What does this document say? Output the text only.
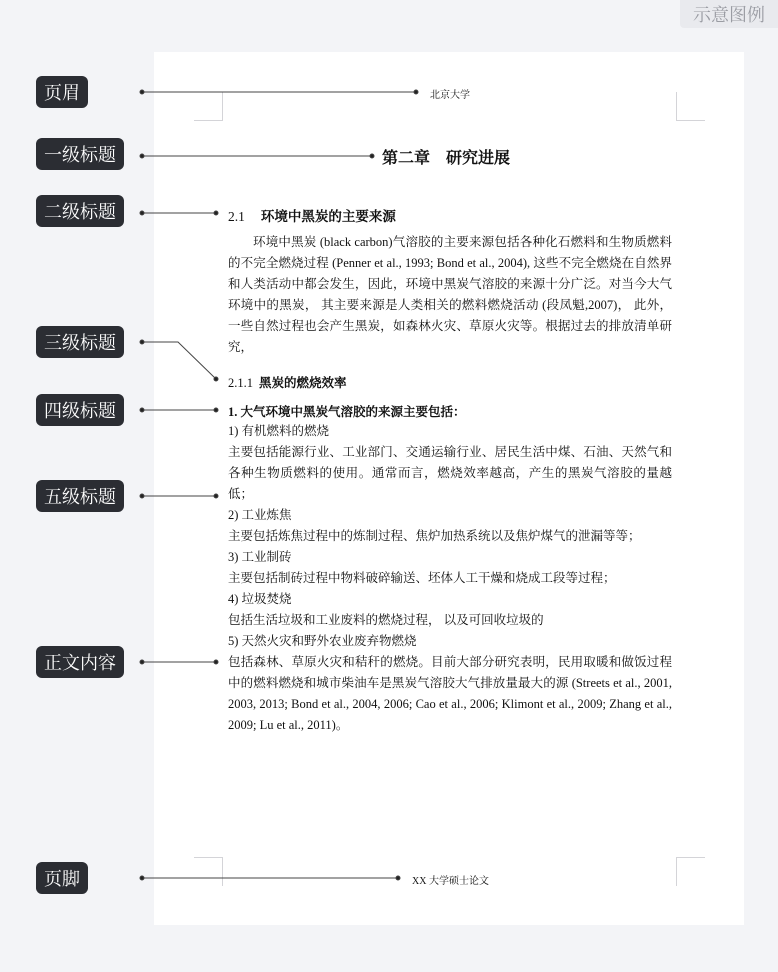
示意图例
页眉
一级标题
二级标题
三级标题
四级标题
五级标题
正文内容
页脚
北京大学
第二章　研究进展
2.1 环境中黑炭的主要来源
环境中黑炭 (black carbon)气溶胶的主要来源包括各种化石燃料和生物质燃料的不完全燃烧过程 (Penner et al., 1993; Bond et al., 2004), 这些不完全燃烧在自然界和人类活动中都会发生，因此，环境中黑炭气溶胶的来源十分广泛。对当今大气环境中的黑炭， 其主要来源是人类相关的燃料燃烧活动 (段凤魁,2007)， 此外，一些自然过程也会产生黑炭，如森林火灾、草原火灾等。根据过去的排放清单研究，
2.1.1 黑炭的燃烧效率
1. 大气环境中黑炭气溶胶的来源主要包括：
1) 有机燃料的燃烧
主要包括能源行业、工业部门、交通运输行业、居民生活中煤、石油、天然气和各种生物质燃料的使用。通常而言，燃烧效率越高，产生的黑炭气溶胶的量越低；
2) 工业炼焦
主要包括炼焦过程中的炼制过程、焦炉加热系统以及焦炉煤气的泄漏等等；
3) 工业制砖
主要包括制砖过程中物料破碎输送、坯体人工干燥和烧成工段等过程；
4) 垃圾焚烧
包括生活垃圾和工业废料的燃烧过程， 以及可回收垃圾的
5) 天然火灾和野外农业废弃物燃烧
包括森林、草原火灾和秸秆的燃烧。目前大部分研究表明，民用取暖和做饭过程中的燃料燃烧和城市柴油车是黑炭气溶胶大气排放量最大的源 (Streets et al., 2001, 2003, 2013; Bond et al., 2004, 2006; Cao et al., 2006; Klimont et al., 2009; Zhang et al., 2009; Lu et al., 2011)。
XX 大学硕士论文
